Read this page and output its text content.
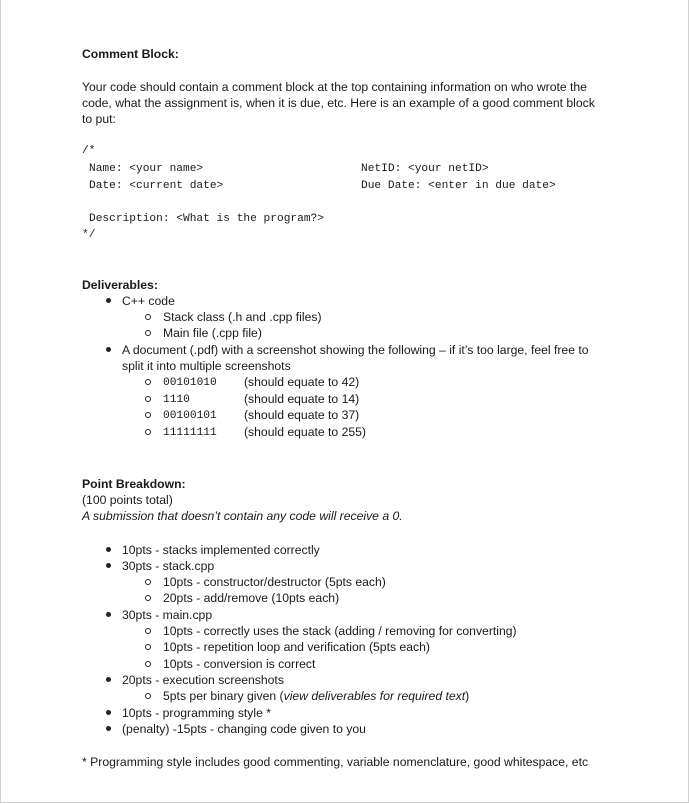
Comment Block:
Your code should contain a comment block at the top containing information on who wrote the
code, what the assignment is, when it is due, etc. Here is an example of a good comment block
to put:
/*
Name: <your name>	NetID: <your netID>
Date: <current date>	Due Date: <enter in due date>
Description: <What is the program?>
*/
Deliverables:
C++ code
Stack class (.h and .cpp files)
Main file (.cpp file)
A document (.pdf) with a screenshot showing the following – if it’s too large, feel free to
split it into multiple screenshots
00101010 (should equate to 42)
1110	(should equate to 14)
00100101 (should equate to 37)
11111111 (should equate to 255)
Point Breakdown:
(100 points total)
A submission that doesn’t contain any code will receive a 0.
10pts - stacks implemented correctly
30pts - stack.cpp
10pts - constructor/destructor (5pts each)
20pts - add/remove (10pts each)
30pts - main.cpp
10pts - correctly uses the stack (adding / removing for converting)
10pts - repetition loop and verification (5pts each)
10pts - conversion is correct
20pts - execution screenshots
5pts per binary given (view deliverables for required text)
10pts - programming style *
(penalty) -15pts - changing code given to you
* Programming style includes good commenting, variable nomenclature, good whitespace, etc
